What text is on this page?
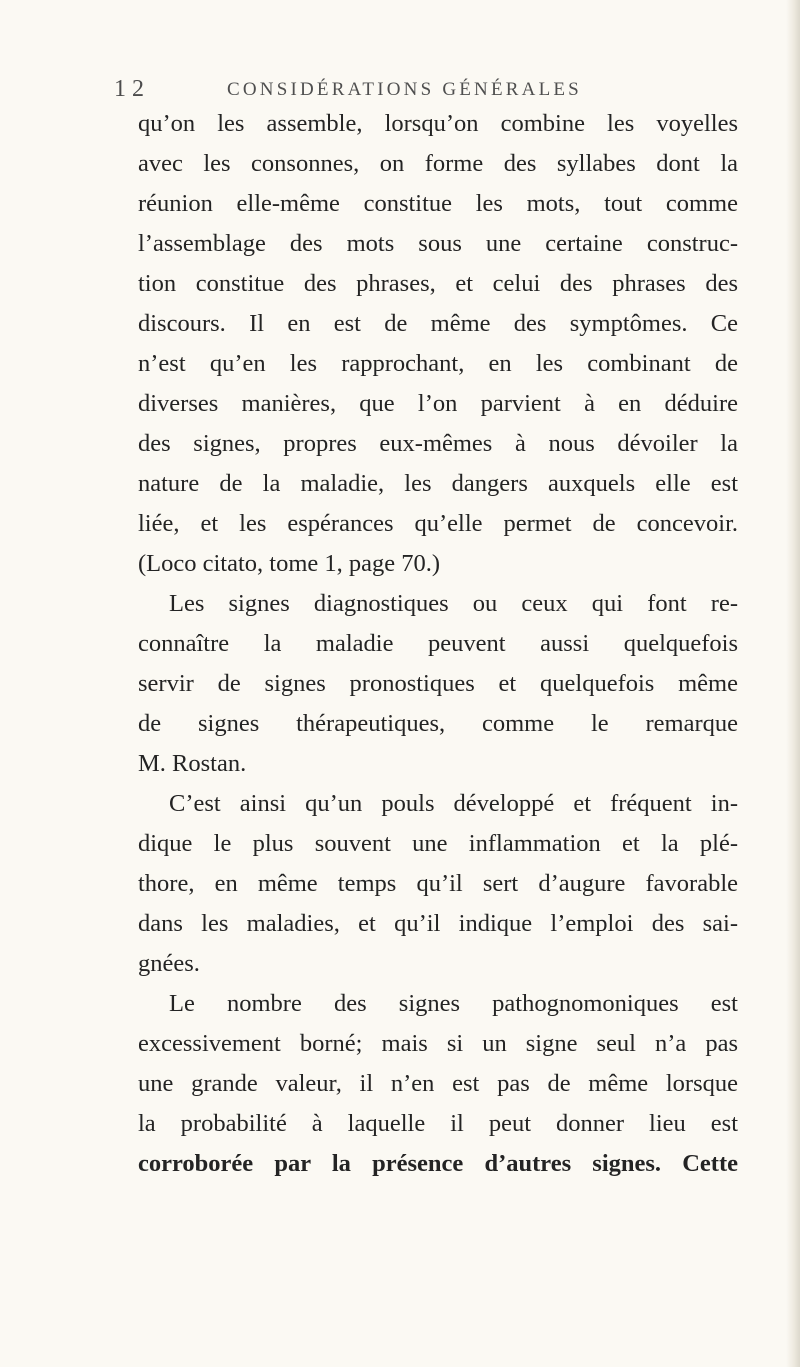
1 2	CONSIDÉRATIONS GÉNÉRALES
qu’on les assemble, lorsqu’on combine les voyelles
avec les consonnes, on forme des syllabes dont la
réunion elle-même constitue les mots, tout comme
l’assemblage des mots sous une certaine construc-
tion constitue des phrases, et celui des phrases des
discours. Il en est de même des symptômes. Ce
n’est qu’en les rapprochant, en les combinant de
diverses manières, que l’on parvient à en déduire
des signes, propres eux-mêmes à nous dévoiler la
nature de la maladie, les dangers auxquels elle est
liée, et les espérances qu’elle permet de concevoir.
(Loco citato, tome 1, page 70.)
Les signes diagnostiques ou ceux qui font re-
connaître la maladie peuvent aussi quelquefois
servir de signes pronostiques et quelquefois même
de signes thérapeutiques, comme le remarque
M. Rostan.
C’est ainsi qu’un pouls développé et fréquent in-
dique le plus souvent une inflammation et la plé-
thore, en même temps qu’il sert d’augure favorable
dans les maladies, et qu’il indique l’emploi des sai-
gnées.
Le nombre des signes pathognomoniques est
excessivement borné; mais si un signe seul n’a pas
une grande valeur, il n’en est pas de même lorsque
la probabilité à laquelle il peut donner lieu est
corroborée par la présence d’autres signes. Cette
